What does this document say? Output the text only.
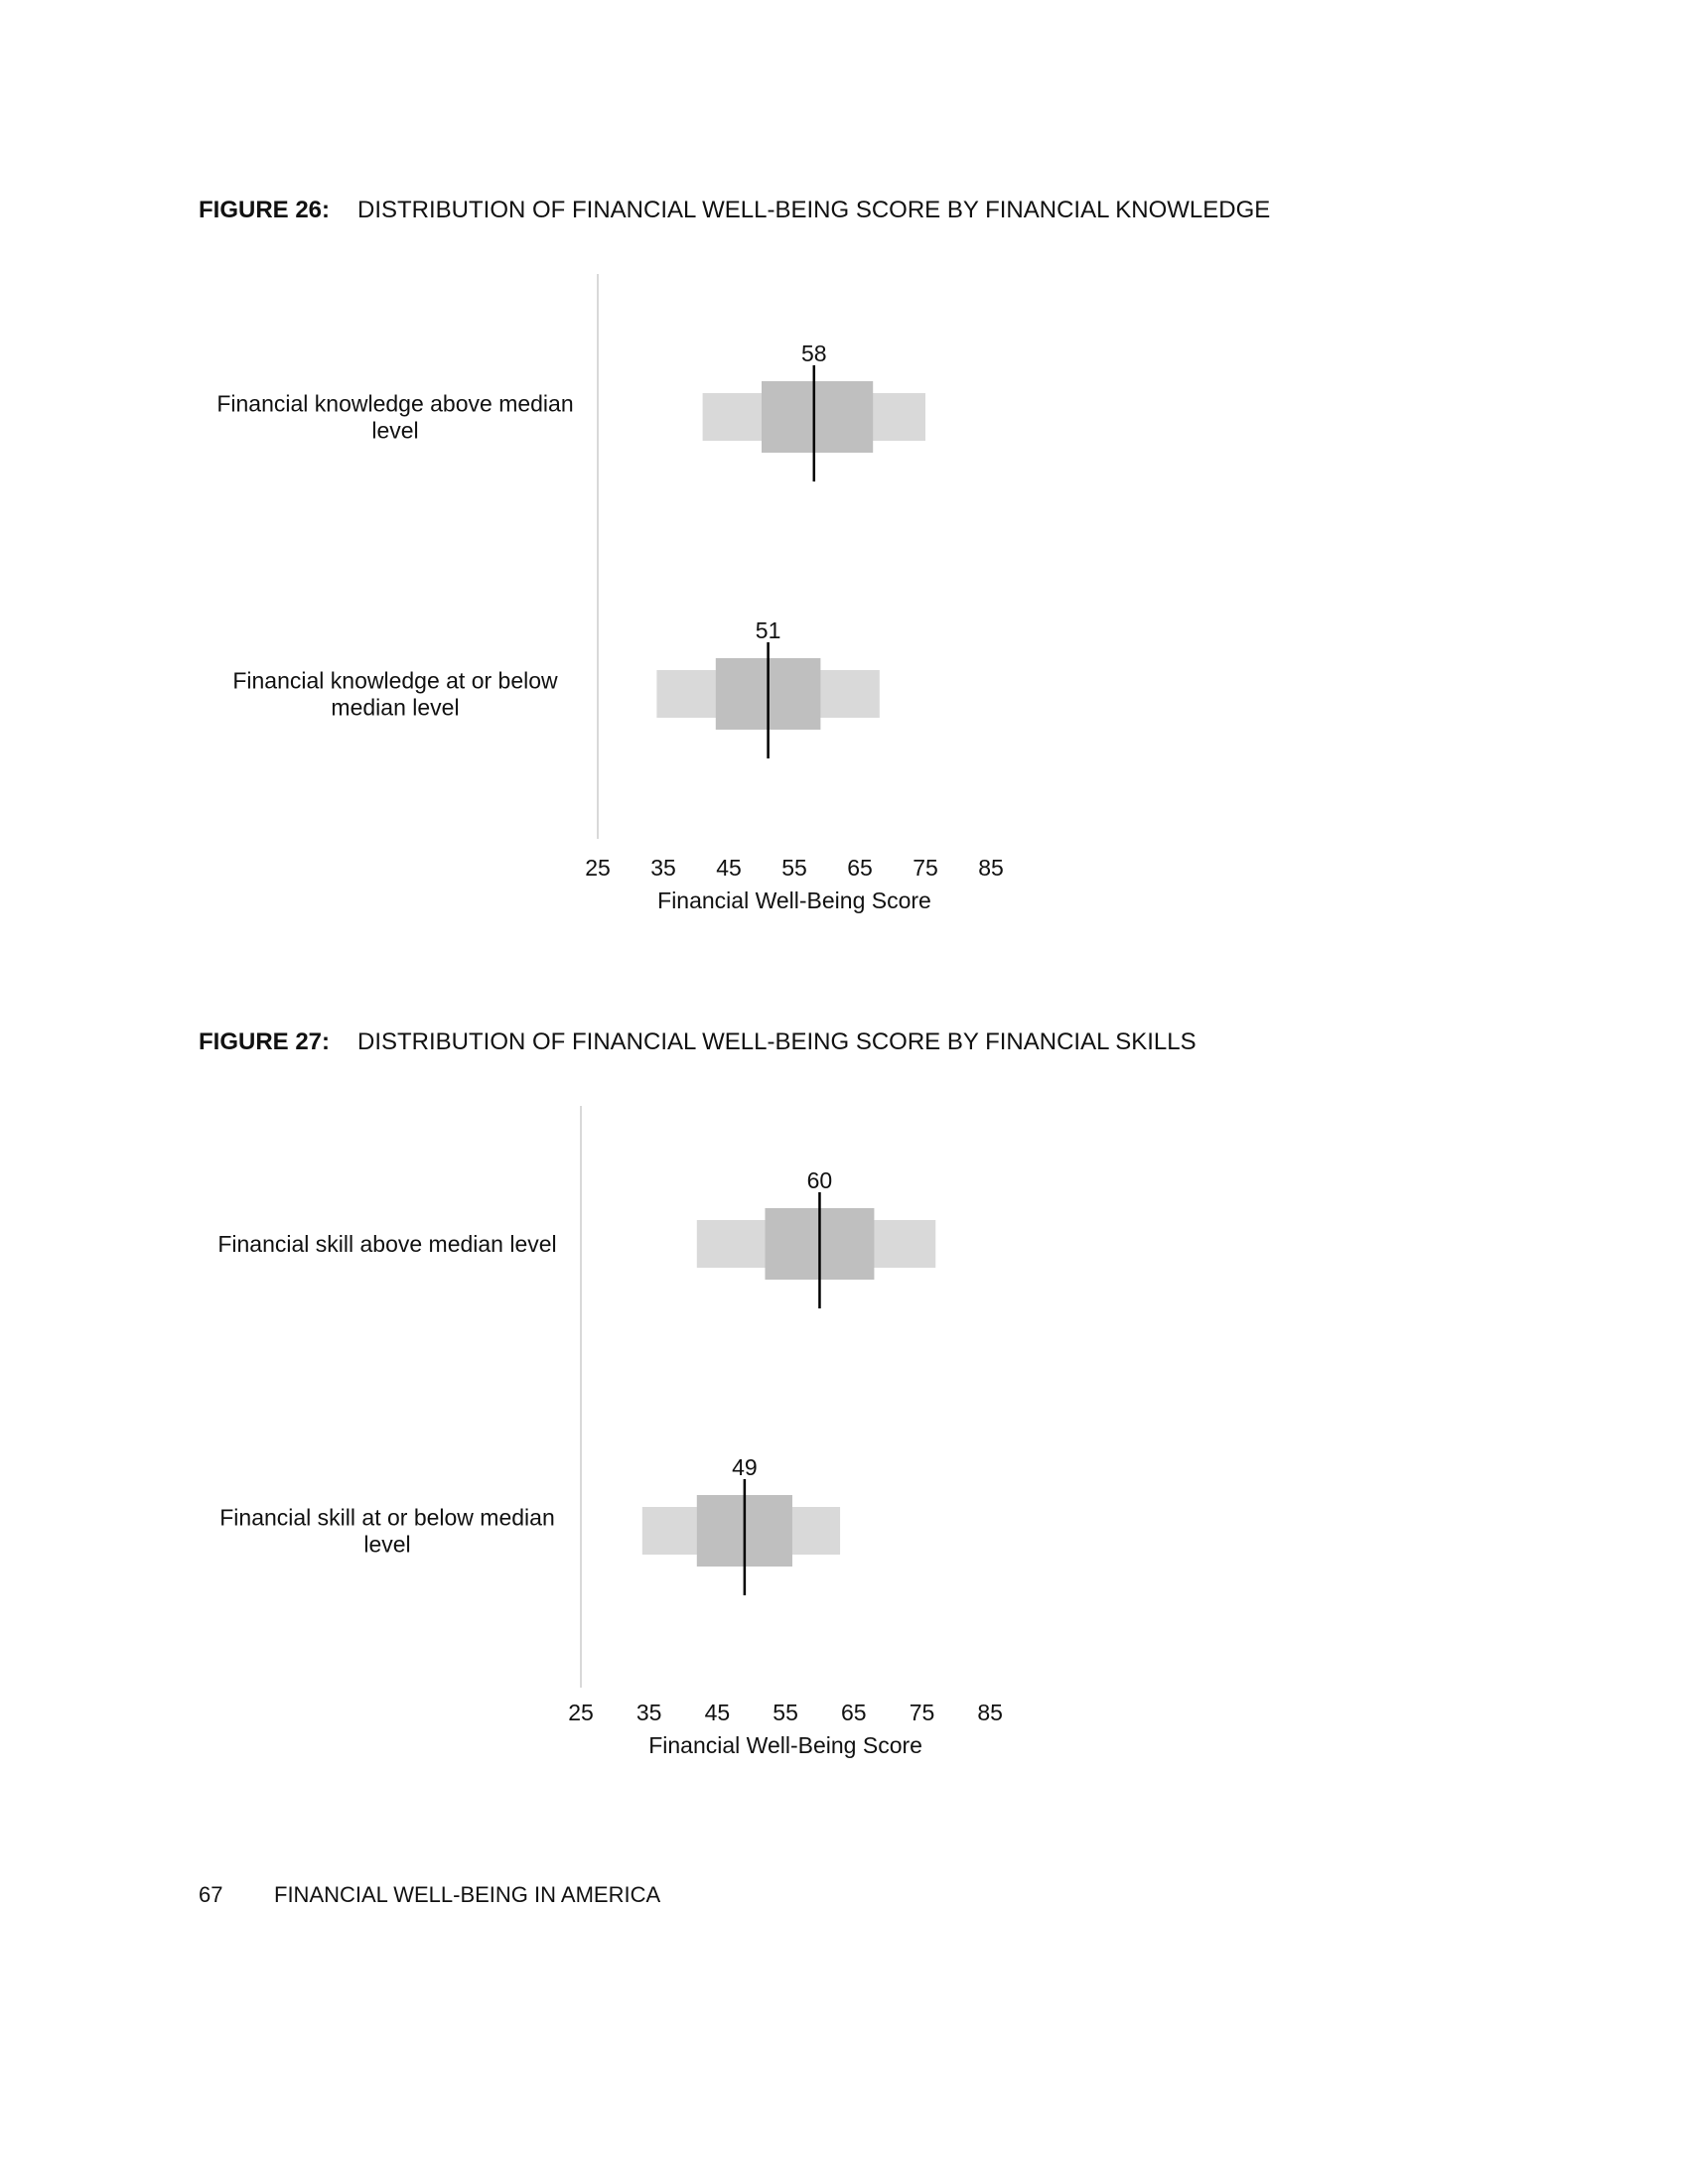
FIGURE 26: DISTRIBUTION OF FINANCIAL WELL-BEING SCORE BY FINANCIAL KNOWLEDGE
Financial knowledge above median
level
58
Financial knowledge at or below
median level
51
25 35 45 55 65 75 85
Financial Well-Being Score
FIGURE 27: DISTRIBUTION OF FINANCIAL WELL-BEING SCORE BY FINANCIAL SKILLS
Financial skill above median level
60
Financial skill at or below median
level
49
25 35 45 55 65 75 85
Financial Well-Being Score
67 FINANCIAL WELL-BEING IN AMERICA
